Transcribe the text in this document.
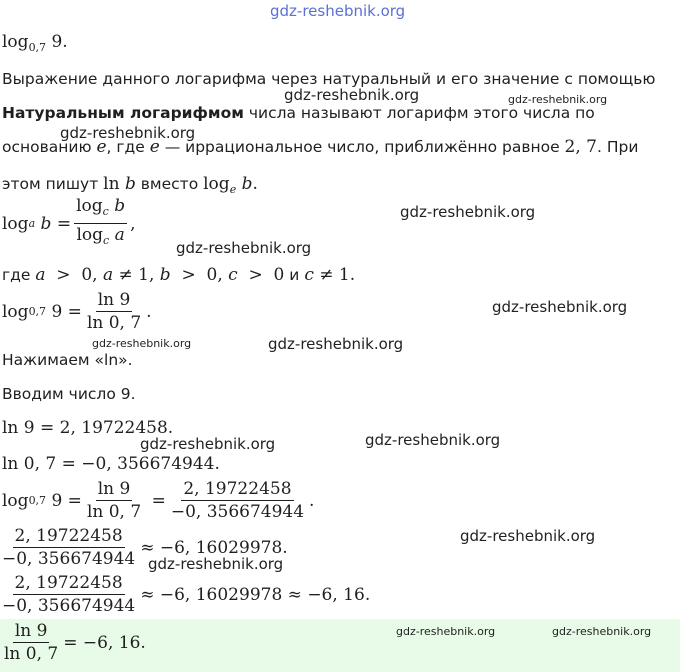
gdz-reshebnik.org
$\log_{0,7} 9$.
Выражение данного логарифма через натуральный и его значение с помощью
Натуральным логарифмом числа называют логарифм этого числа по
основанию e, где e — иррациональное число, приближённо равное 2, 7. При
этом пишут ln b вместо $\log_e b$.
log a
$b = \frac{\log_c b}{\log_c a}$ ,
где a  >  0, a ≠ 1, b  >  0, c  >  0 и c ≠ 1.
log 0,7 $9 = \frac{\ln 9}{\ln 0, 7}$ .
Нажимаем «ln».
Вводим число 9.
ln 9 = 2, 19722458.
ln 0, 7 = −0, 356674944.
log 0,7 $9 = \frac{\ln 9}{\ln 0, 7} = \frac{2, 19722458}{-0, 356674944}$ .
$\frac{2, 19722458}{-0, 356674944} \approx -6$, 16029978.
$\frac{2, 19722458}{-0, 356674944} \approx -6$, 16029978 ≈ −6, 16.
$\frac{\ln 9}{\ln 0, 7} = -6$, 16.
gdz-reshebnik.org	gdz-reshebnik.org
gdz-reshebnik.org
gdz-reshebnik.org
gdz-reshebnik.org
gdz-reshebnik.org
gdz-reshebnik.org	gdz-reshebnik.org
gdz-reshebnik.org	gdz-reshebnik.org
gdz-reshebnik.org
gdz-reshebnik.org
gdz-reshebnik.org	gdz-reshebnik.org
